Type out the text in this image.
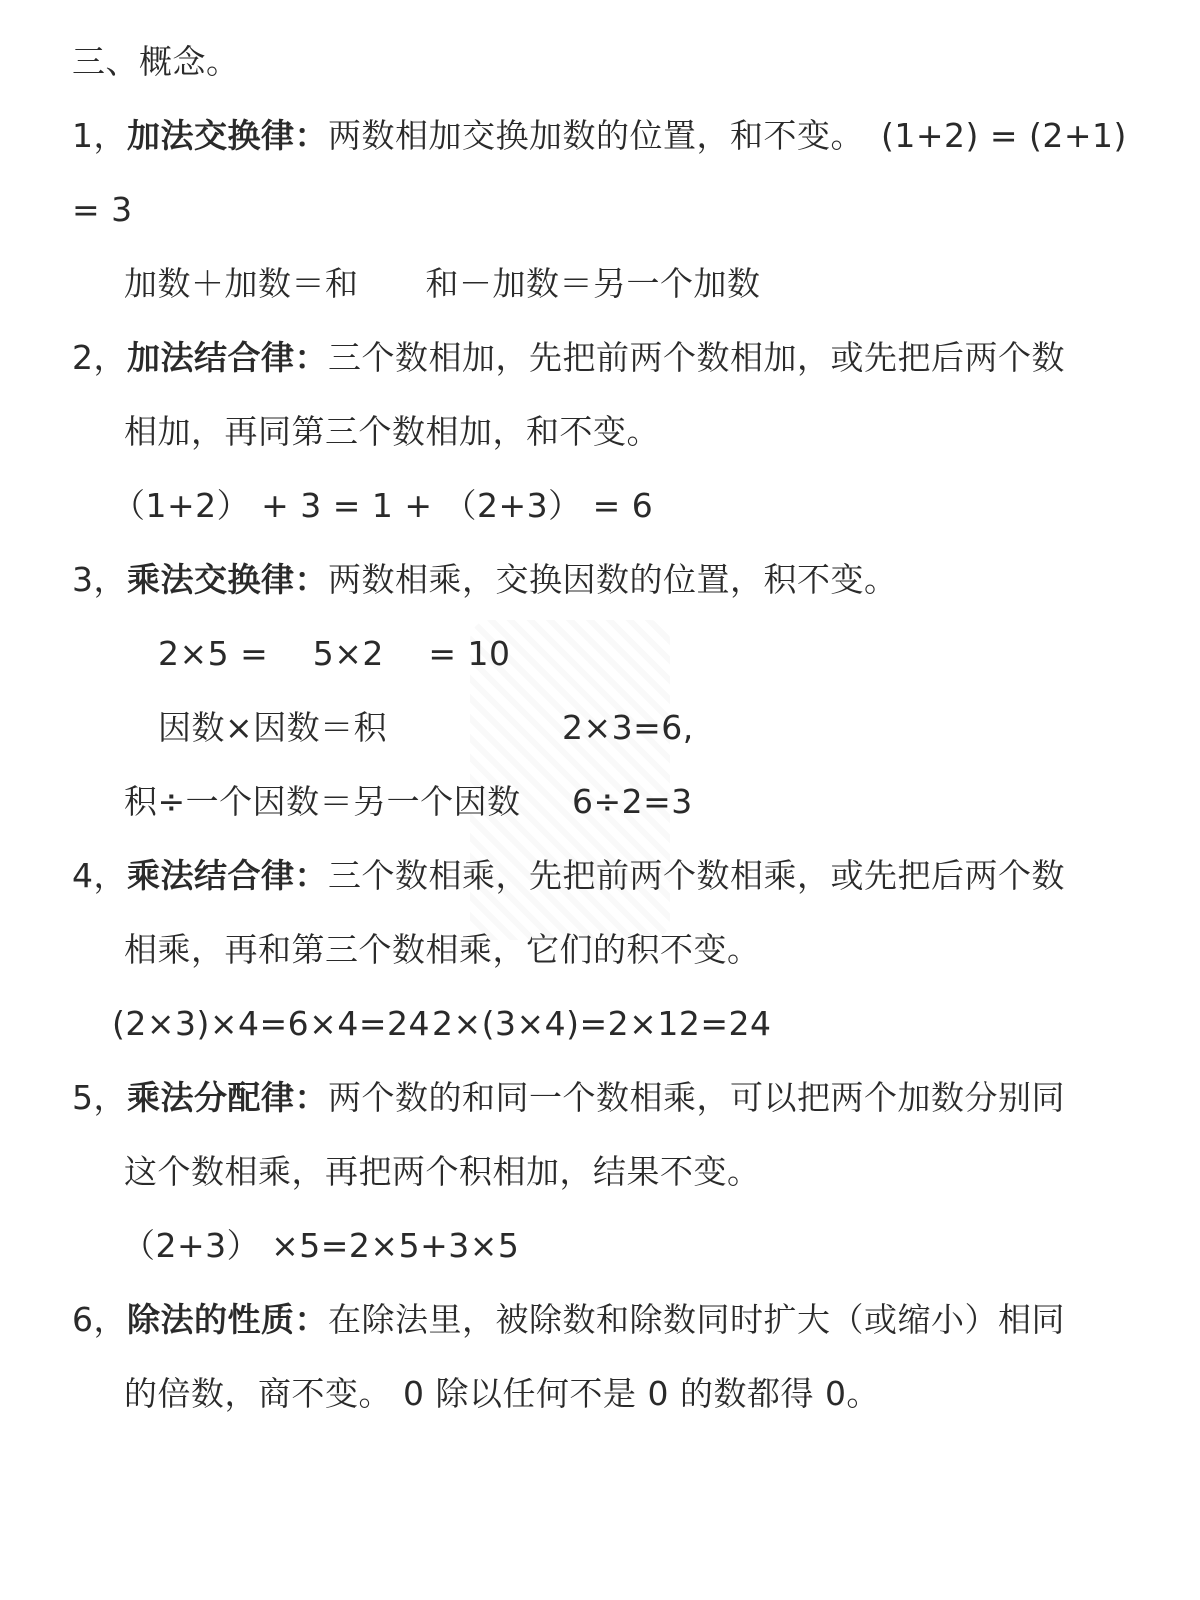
三、概念。
1，加法交换律：两数相加交换加数的位置，和不变。　(1+2) = (2+1)
= 3
加数＋加数＝和　　和－加数＝另一个加数
2，加法结合律：三个数相加，先把前两个数相加，或先把后两个数
相加，再同第三个数相加，和不变。
（1+2） + 3 = 1 + （2+3） = 6
3，乘法交换律：两数相乘，交换因数的位置，积不变。
2×5 =　 5×2　 = 10
因数×因数＝积	2×3=6,
积÷一个因数＝另一个因数 6÷2=3
4，乘法结合律：三个数相乘，先把前两个数相乘，或先把后两个数
相乘，再和第三个数相乘，它们的积不变。
(2×3)×4=6×4=24 2×(3×4)=2×12=24
5，乘法分配律：两个数的和同一个数相乘，可以把两个加数分别同
这个数相乘，再把两个积相加，结果不变。
（2+3） ×5=2×5+3×5
6，除法的性质：在除法里，被除数和除数同时扩大（或缩小）相同
的倍数，商不变。 0 除以任何不是 0 的数都得 0。
